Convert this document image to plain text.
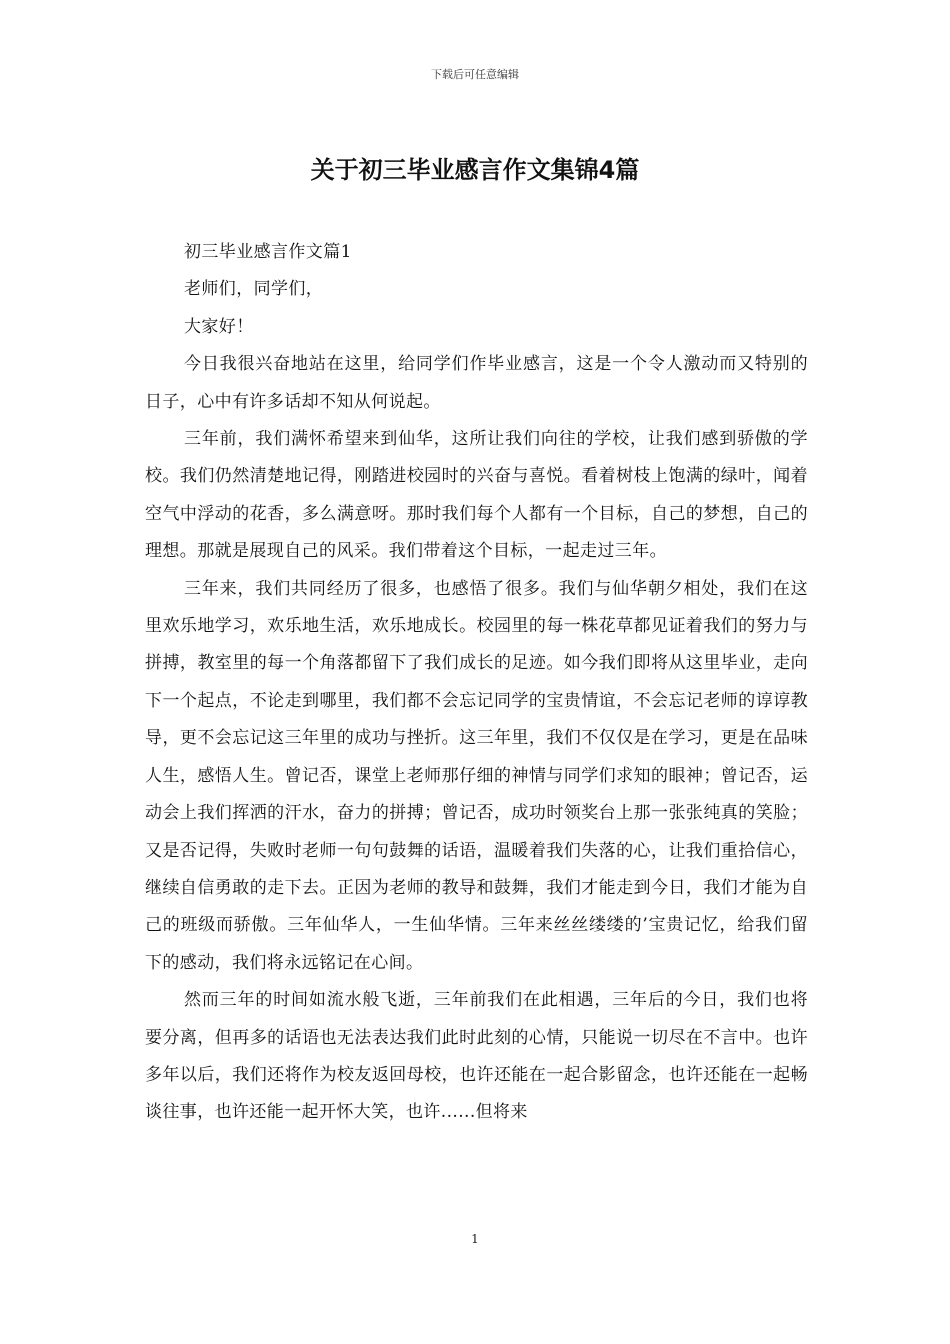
下载后可任意编辑
关于初三毕业感言作文集锦4篇

初三毕业感言作文篇1

老师们，同学们，

大家好！

今日我很兴奋地站在这里，给同学们作毕业感言，这是一个令人激动而又特别的日子，心中有许多话却不知从何说起。

三年前，我们满怀希望来到仙华，这所让我们向往的学校，让我们感到骄傲的学校。我们仍然清楚地记得，刚踏进校园时的兴奋与喜悦。看着树枝上饱满的绿叶，闻着空气中浮动的花香，多么满意呀。那时我们每个人都有一个目标，自己的梦想，自己的理想。那就是展现自己的风采。我们带着这个目标，一起走过三年。

三年来，我们共同经历了很多，也感悟了很多。我们与仙华朝夕相处，我们在这里欢乐地学习，欢乐地生活，欢乐地成长。校园里的每一株花草都见证着我们的努力与拼搏，教室里的每一个角落都留下了我们成长的足迹。如今我们即将从这里毕业，走向下一个起点，不论走到哪里，我们都不会忘记同学的宝贵情谊，不会忘记老师的谆谆教导，更不会忘记这三年里的成功与挫折。这三年里，我们不仅仅是在学习，更是在品味人生，感悟人生。曾记否，课堂上老师那仔细的神情与同学们求知的眼神；曾记否，运动会上我们挥洒的汗水，奋力的拼搏；曾记否，成功时领奖台上那一张张纯真的笑脸；又是否记得，失败时老师一句句鼓舞的话语，温暖着我们失落的心，让我们重拾信心，继续自信勇敢的走下去。正因为老师的教导和鼓舞，我们才能走到今日，我们才能为自己的班级而骄傲。三年仙华人，一生仙华情。三年来丝丝缕缕的’宝贵记忆，给我们留下的感动，我们将永远铭记在心间。

然而三年的时间如流水般飞逝，三年前我们在此相遇，三年后的今日，我们也将要分离，但再多的话语也无法表达我们此时此刻的心情，只能说一切尽在不言中。也许多年以后，我们还将作为校友返回母校，也许还能在一起合影留念，也许还能在一起畅谈往事，也许还能一起开怀大笑，也许......但将来

1
